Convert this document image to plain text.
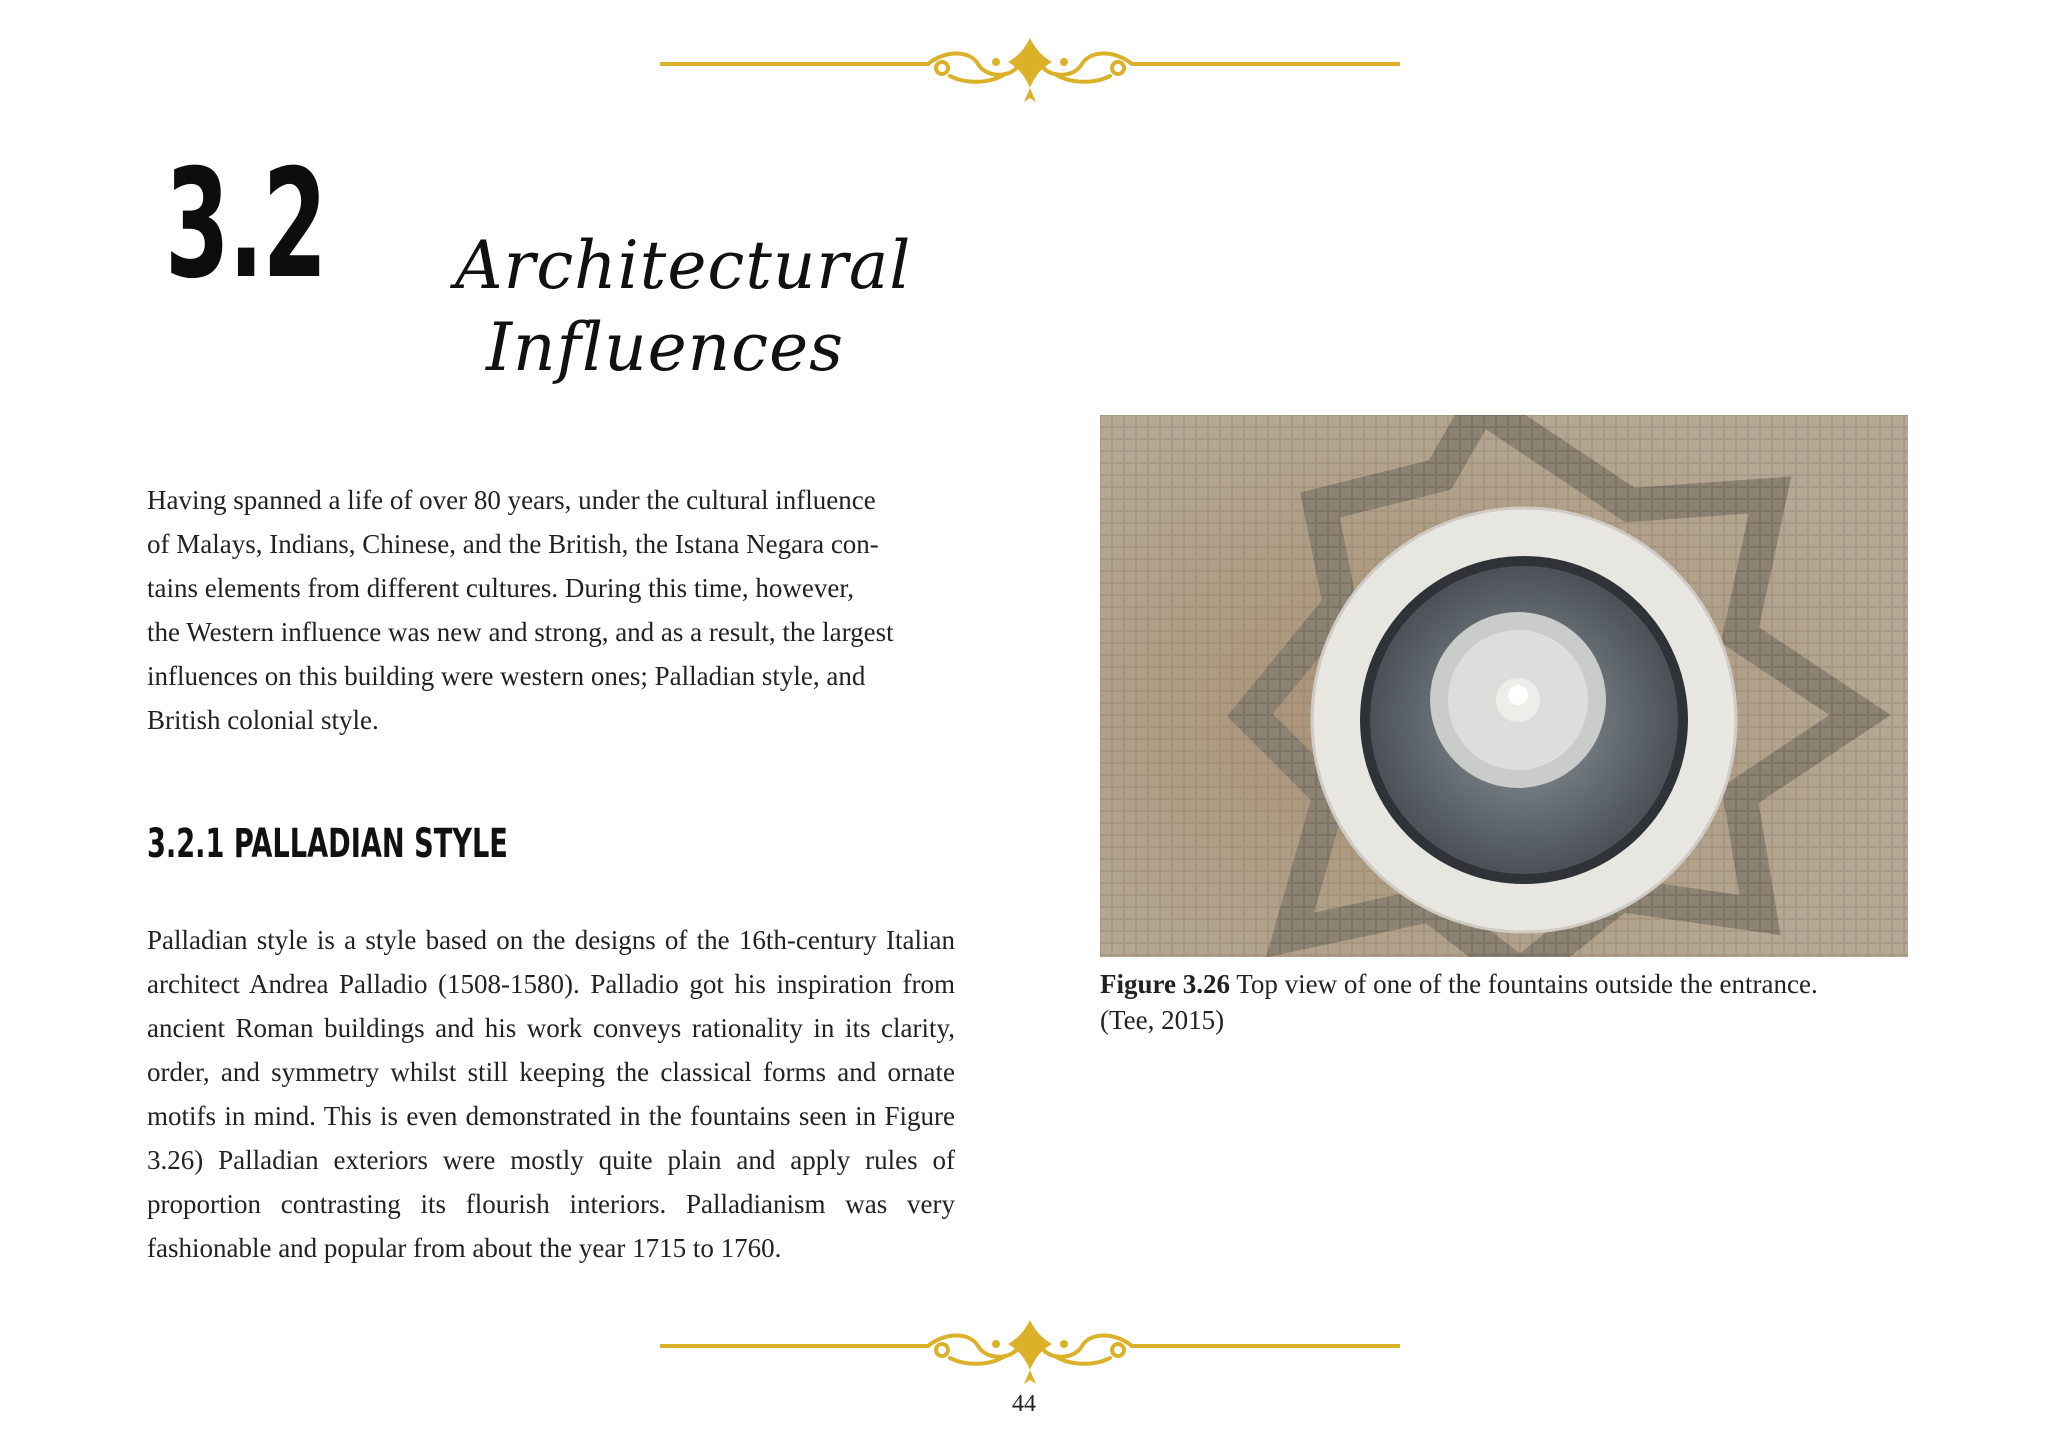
3.2 Architectural
Influences
Having spanned a life of over 80 years, under the cultural influence
of Malays, Indians, Chinese, and the British, the Istana Negara con-
tains elements from different cultures. During this time, however,
the Western influence was new and strong, and as a result, the largest
influences on this building were western ones; Palladian style, and
British colonial style.
3.2.1 PALLADIAN STYLE
Palladian style is a style based on the designs of the 16th-century Italian architect Andrea Palladio (1508-1580). Palladio got his inspiration from ancient Roman buildings and his work conveys rationality in its clarity, order, and symmetry whilst still keeping the classical forms and ornate motifs in mind. This is even demonstrated in the fountains seen in Figure 3.26) Palladian exteriors were mostly quite plain and apply rules of proportion contrasting its flourish interiors. Palladianism was very fashionable and popular from about the year 1715 to 1760.
Figure 3.26 Top view of one of the fountains outside the entrance.
(Tee, 2015)
44
